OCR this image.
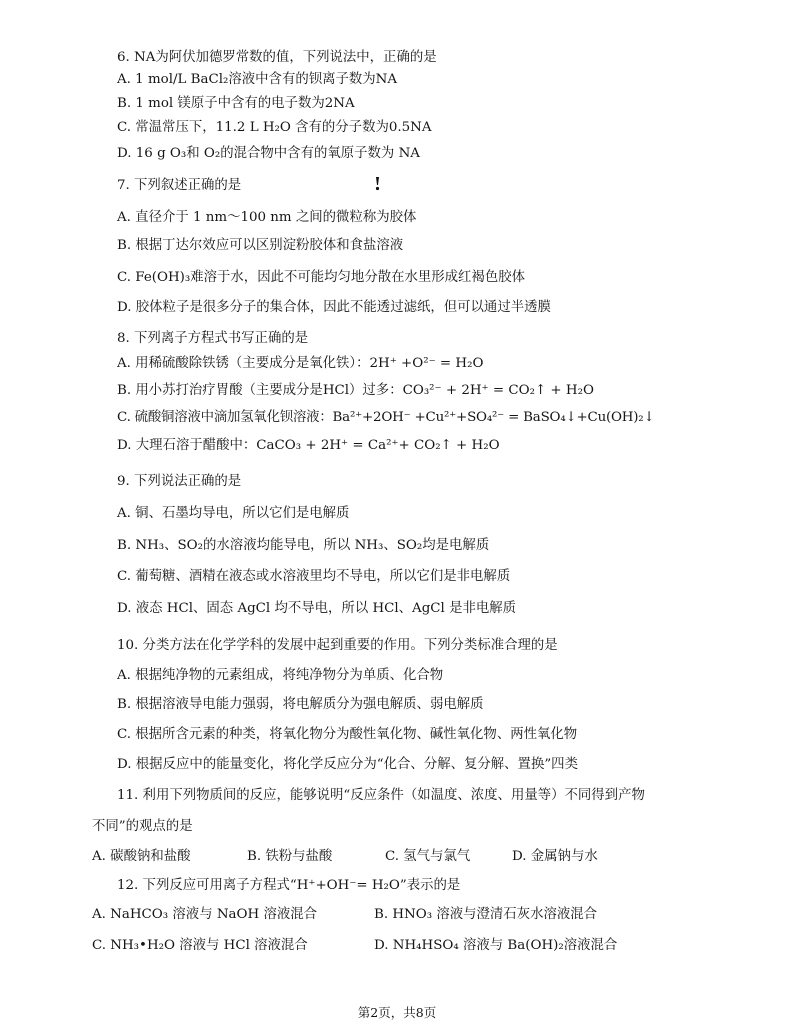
6. NA为阿伏加德罗常数的值，下列说法中，正确的是
A. 1 mol/L BaCl₂溶液中含有的钡离子数为NA
B. 1 mol 镁原子中含有的电子数为2NA
C. 常温常压下，11.2 L H₂O 含有的分子数为0.5NA
D. 16 g O₃和 O₂的混合物中含有的氧原子数为 NA
7. 下列叙述正确的是
A. 直径介于 1 nm～100 nm 之间的微粒称为胶体
B. 根据丁达尔效应可以区别淀粉胶体和食盐溶液
C. Fe(OH)₃难溶于水，因此不可能均匀地分散在水里形成红褐色胶体
D. 胶体粒子是很多分子的集合体，因此不能透过滤纸，但可以通过半透膜
8. 下列离子方程式书写正确的是
A. 用稀硫酸除铁锈（主要成分是氧化铁）：2H⁺ +O²⁻ = H₂O
B. 用小苏打治疗胃酸（主要成分是HCl）过多：CO₃²⁻ + 2H⁺ = CO₂↑ + H₂O
C. 硫酸铜溶液中滴加氢氧化钡溶液：Ba²⁺+2OH⁻ +Cu²⁺+SO₄²⁻ = BaSO₄↓+Cu(OH)₂↓
D. 大理石溶于醋酸中：CaCO₃ + 2H⁺ = Ca²⁺+ CO₂↑ + H₂O
9. 下列说法正确的是
A. 铜、石墨均导电，所以它们是电解质
B. NH₃、SO₂的水溶液均能导电，所以 NH₃、SO₂均是电解质
C. 葡萄糖、酒精在液态或水溶液里均不导电，所以它们是非电解质
D. 液态 HCl、固态 AgCl 均不导电，所以 HCl、AgCl 是非电解质
10. 分类方法在化学学科的发展中起到重要的作用。下列分类标准合理的是
A. 根据纯净物的元素组成，将纯净物分为单质、化合物
B. 根据溶液导电能力强弱，将电解质分为强电解质、弱电解质
C. 根据所含元素的种类，将氧化物分为酸性氧化物、碱性氧化物、两性氧化物
D. 根据反应中的能量变化，将化学反应分为“化合、分解、复分解、置换”四类
11. 利用下列物质间的反应，能够说明“反应条件（如温度、浓度、用量等）不同得到产物
不同”的观点的是
A. 碳酸钠和盐酸	B. 铁粉与盐酸	C. 氢气与氯气	D. 金属钠与水
12. 下列反应可用离子方程式“H⁺+OH⁻= H₂O”表示的是
A. NaHCO₃ 溶液与 NaOH 溶液混合	B. HNO₃ 溶液与澄清石灰水溶液混合
C. NH₃•H₂O 溶液与 HCl 溶液混合	D. NH₄HSO₄ 溶液与 Ba(OH)₂溶液混合
第2页，共8页
